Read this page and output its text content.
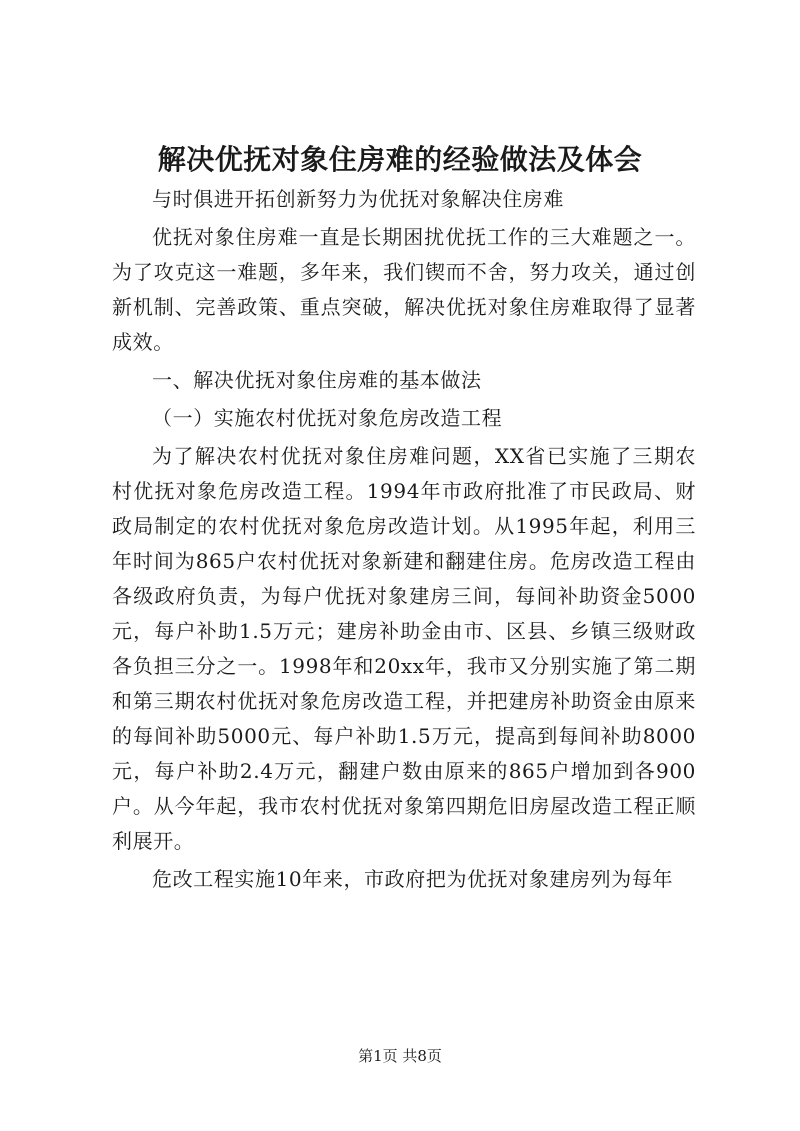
解决优抚对象住房难的经验做法及体会

与时俱进开拓创新努力为优抚对象解决住房难

优抚对象住房难一直是长期困扰优抚工作的三大难题之一。为了攻克这一难题，多年来，我们锲而不舍，努力攻关，通过创新机制、完善政策、重点突破，解决优抚对象住房难取得了显著成效。

一、解决优抚对象住房难的基本做法

（一）实施农村优抚对象危房改造工程

为了解决农村优抚对象住房难问题，XX省已实施了三期农村优抚对象危房改造工程。1994年市政府批准了市民政局、财政局制定的农村优抚对象危房改造计划。从1995年起，利用三年时间为865户农村优抚对象新建和翻建住房。危房改造工程由各级政府负责，为每户优抚对象建房三间，每间补助资金5000元，每户补助1.5万元；建房补助金由市、区县、乡镇三级财政各负担三分之一。1998年和20xx年，我市又分别实施了第二期和第三期农村优抚对象危房改造工程，并把建房补助资金由原来的每间补助5000元、每户补助1.5万元，提高到每间补助8000元，每户补助2.4万元，翻建户数由原来的865户增加到各900户。从今年起，我市农村优抚对象第四期危旧房屋改造工程正顺利展开。

危改工程实施10年来，市政府把为优抚对象建房列为每年

第1页 共8页
